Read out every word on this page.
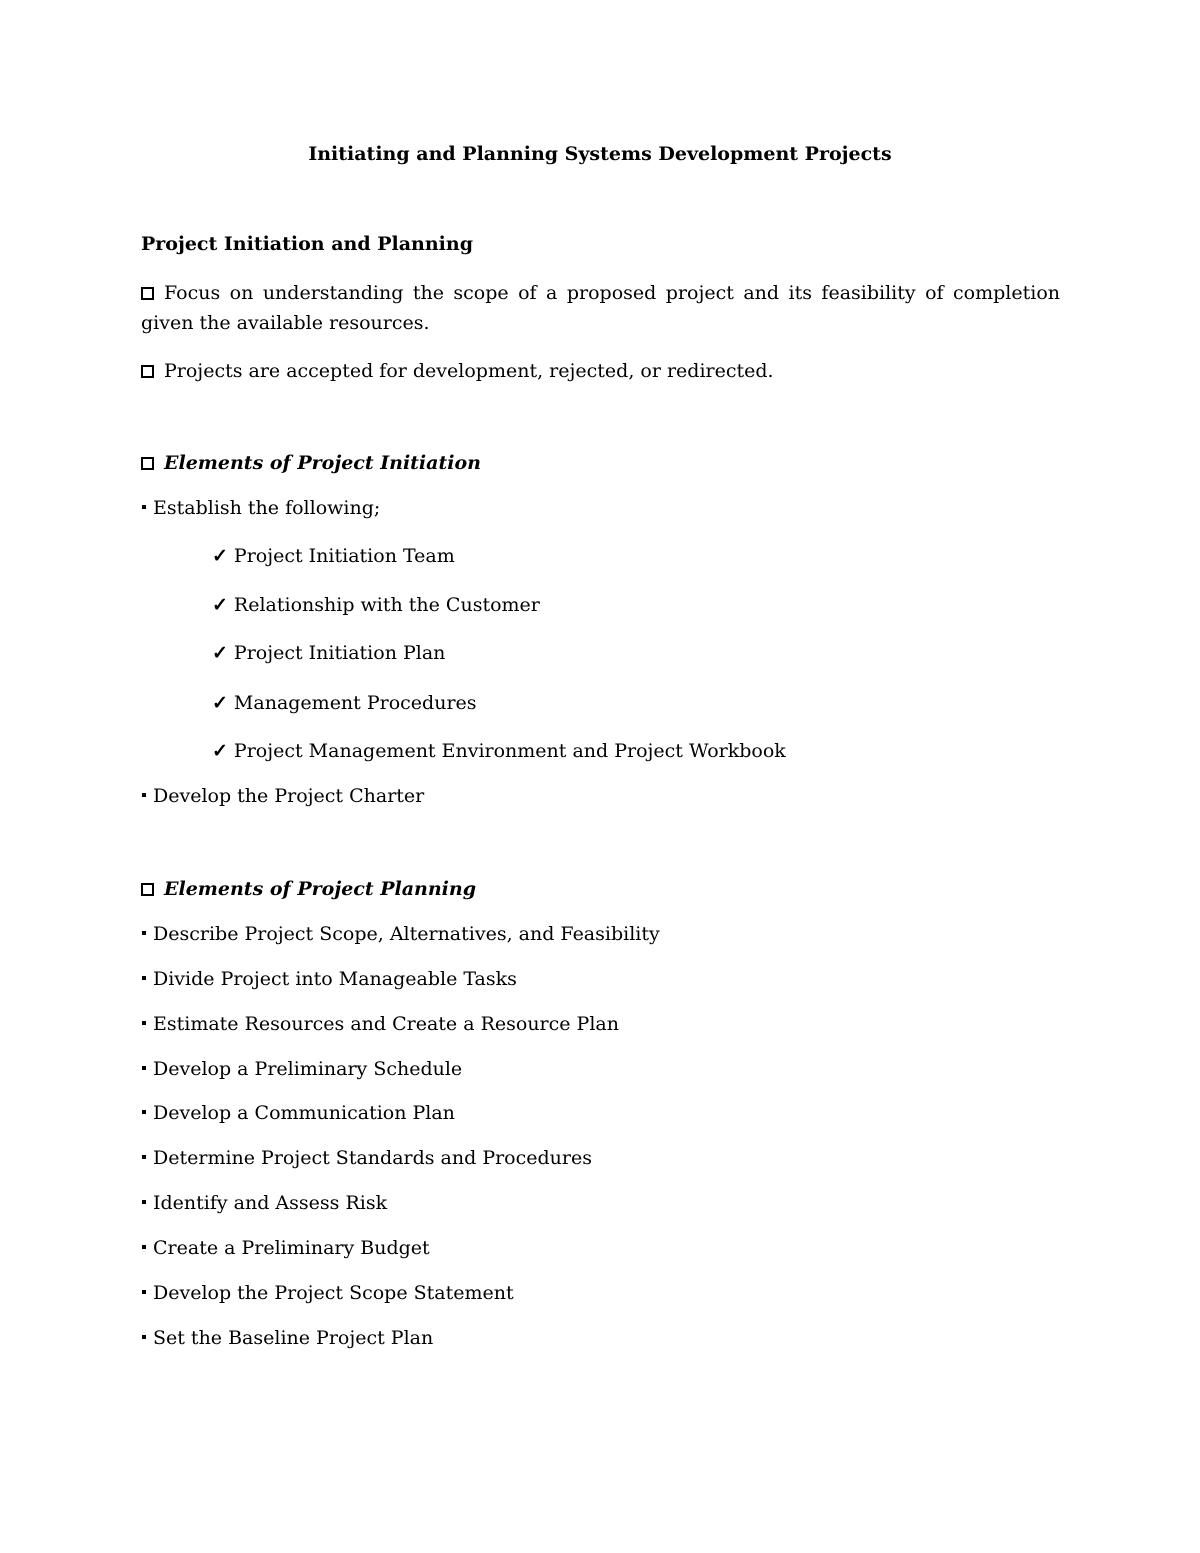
Initiating and Planning Systems Development Projects
Project Initiation and Planning
Focus on understanding the scope of a proposed project and its feasibility of completion given the available resources.
Projects are accepted for development, rejected, or redirected.
Elements of Project Initiation
Establish the following;
✓ Project Initiation Team
✓ Relationship with the Customer
✓ Project Initiation Plan
✓ Management Procedures
✓ Project Management Environment and Project Workbook
Develop the Project Charter
Elements of Project Planning
Describe Project Scope, Alternatives, and Feasibility
Divide Project into Manageable Tasks
Estimate Resources and Create a Resource Plan
Develop a Preliminary Schedule
Develop a Communication Plan
Determine Project Standards and Procedures
Identify and Assess Risk
Create a Preliminary Budget
Develop the Project Scope Statement
Set the Baseline Project Plan
